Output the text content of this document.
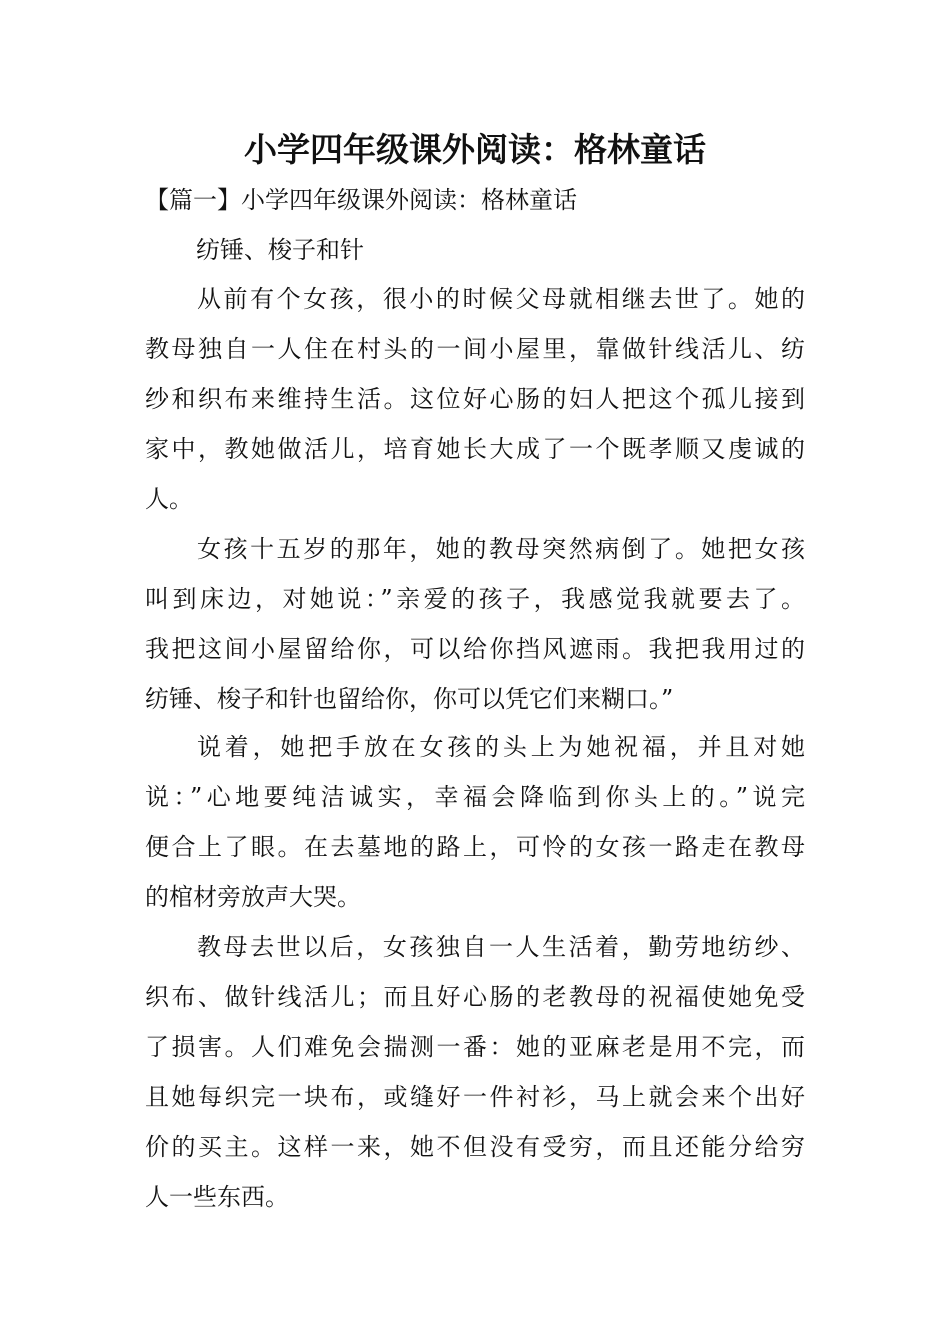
小学四年级课外阅读：格林童话

【篇一】小学四年级课外阅读：格林童话

纺锤、梭子和针

从前有个女孩，很小的时候父母就相继去世了。她的
教母独自一人住在村头的一间小屋里，靠做针线活儿、纺
纱和织布来维持生活。这位好心肠的妇人把这个孤儿接到
家中，教她做活儿，培育她长大成了一个既孝顺又虔诚的
人。

女孩十五岁的那年，她的教母突然病倒了。她把女孩
叫到床边，对她说：”亲爱的孩子，我感觉我就要去了。
我把这间小屋留给你，可以给你挡风遮雨。我把我用过的
纺锤、梭子和针也留给你，你可以凭它们来糊口。”

说着，她把手放在女孩的头上为她祝福，并且对她
说：”心地要纯洁诚实，幸福会降临到你头上的。”说完
便合上了眼。在去墓地的路上，可怜的女孩一路走在教母
的棺材旁放声大哭。

教母去世以后，女孩独自一人生活着，勤劳地纺纱、
织布、做针线活儿；而且好心肠的老教母的祝福使她免受
了损害。人们难免会揣测一番：她的亚麻老是用不完，而
且她每织完一块布，或缝好一件衬衫，马上就会来个出好
价的买主。这样一来，她不但没有受穷，而且还能分给穷
人一些东西。
